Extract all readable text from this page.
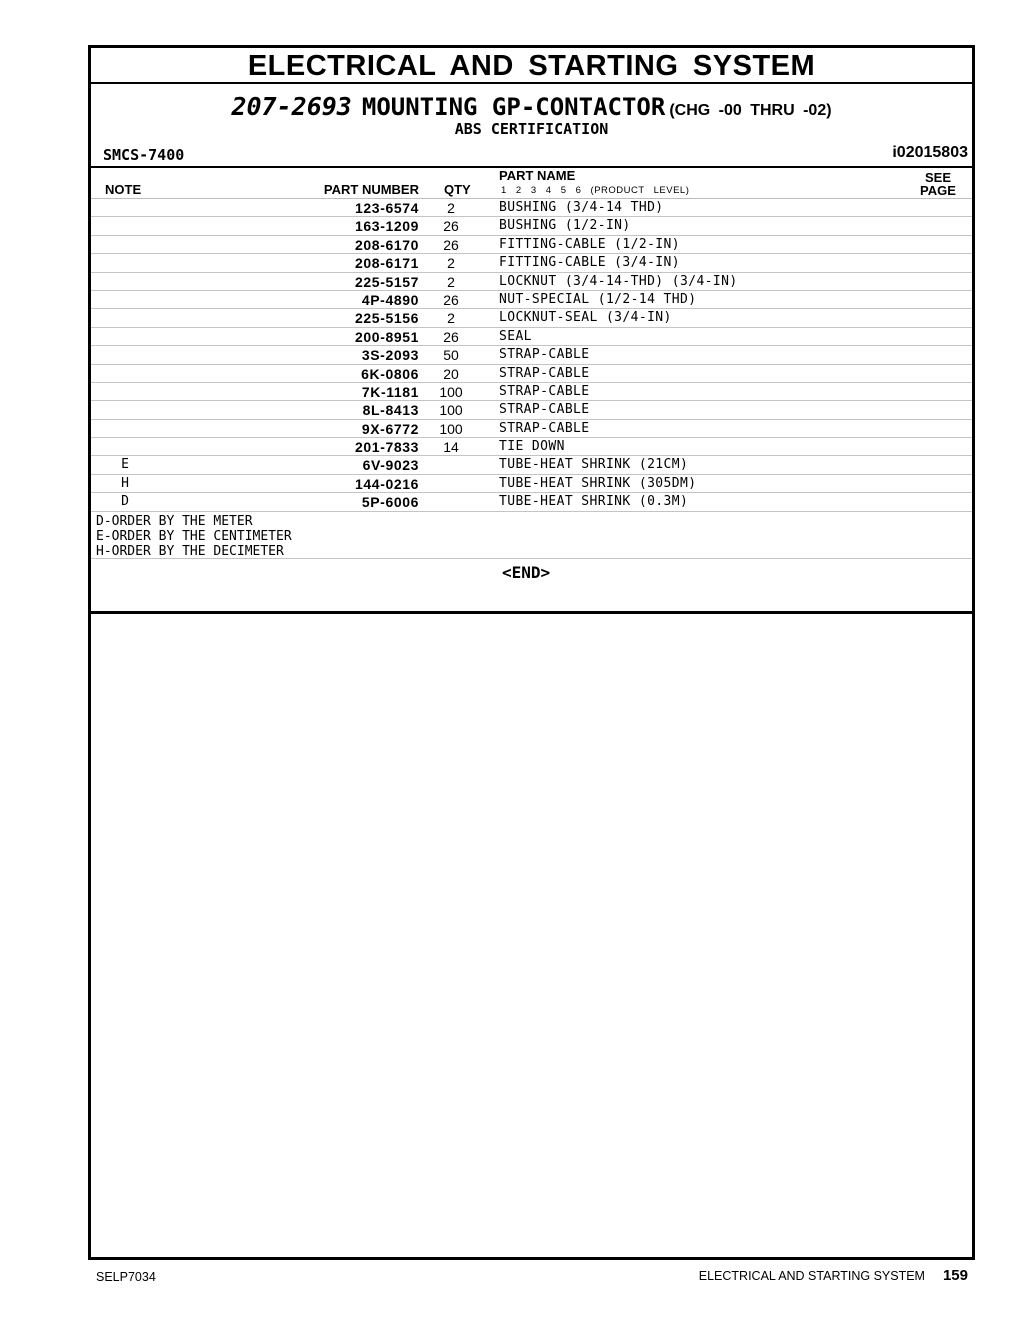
ELECTRICAL AND STARTING SYSTEM
207-2693 MOUNTING GP-CONTACTOR (CHG -00 THRU -02)
ABS CERTIFICATION
SMCS-7400	i02015803
NOTE	PART NUMBER QTY
PART NAME
1 2 3 4 5 6 (PRODUCT LEVEL)
SEE
PAGE
123-6574	2	BUSHING (3/4-14 THD)
163-1209	26	BUSHING (1/2-IN)
208-6170	26	FITTING-CABLE (1/2-IN)
208-6171	2	FITTING-CABLE (3/4-IN)
225-5157	2	LOCKNUT (3/4-14-THD) (3/4-IN)
4P-4890	26	NUT-SPECIAL (1/2-14 THD)
225-5156	2	LOCKNUT-SEAL (3/4-IN)
200-8951	26	SEAL
3S-2093	50	STRAP-CABLE
6K-0806	20	STRAP-CABLE
7K-1181	100	STRAP-CABLE
8L-8413	100	STRAP-CABLE
9X-6772	100	STRAP-CABLE
201-7833	14	TIE DOWN
E	6V-9023	TUBE-HEAT SHRINK (21CM)
H	144-0216	TUBE-HEAT SHRINK (305DM)
D	5P-6006	TUBE-HEAT SHRINK (0.3M)
D-ORDER BY THE METER
E-ORDER BY THE CENTIMETER
H-ORDER BY THE DECIMETER
<END>
SELP7034	ELECTRICAL AND STARTING SYSTEM 159
